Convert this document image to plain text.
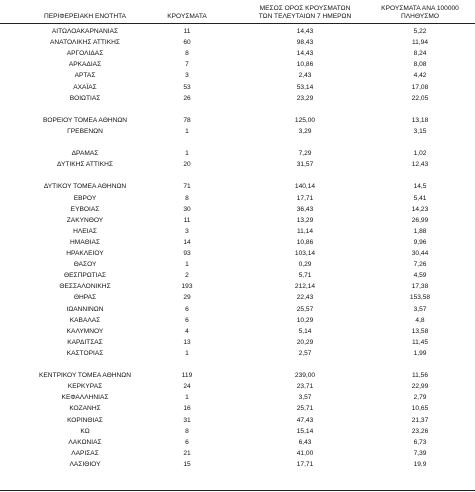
ΠΕΡΙΦΕΡΕΙΑΚΗ ΕΝΟΤΗΤΑ	ΚΡΟΥΣΜΑΤΑ
ΜΕΣΟΣ ΟΡΟΣ ΚΡΟΥΣΜΑΤΩΝ
ΤΩΝ ΤΕΛΕΥΤΑΙΩΝ 7 ΗΜΕΡΩΝ
ΚΡΟΥΣΜΑΤΑ ΑΝΑ 100000
ΠΛΗΘΥΣΜΟ
ΑΙΤΩΛΟΑΚΑΡΝΑΝΙΑΣ	11	14,43	5,22
ΑΝΑΤΟΛΙΚΗΣ ΑΤΤΙΚΗΣ	60	98,43	11,94
ΑΡΓΟΛΙΔΑΣ	8	14,43	8,24
ΑΡΚΑΔΙΑΣ	7	10,86	8,08
ΑΡΤΑΣ	3	2,43	4,42
ΑΧΑΪΑΣ	53	53,14	17,08
ΒΟΙΩΤΙΑΣ	26	23,29	22,05
ΒΟΡΕΙΟΥ ΤΟΜΕΑ ΑΘΗΝΩΝ	78	125,00	13,18
ΓΡΕΒΕΝΩΝ	1	3,29	3,15
ΔΡΑΜΑΣ	1	7,29	1,02
ΔΥΤΙΚΗΣ ΑΤΤΙΚΗΣ	20	31,57	12,43
ΔΥΤΙΚΟΥ ΤΟΜΕΑ ΑΘΗΝΩΝ	71	140,14	14,5
ΕΒΡΟΥ	8	17,71	5,41
ΕΥΒΟΙΑΣ	30	36,43	14,23
ΖΑΚΥΝΘΟΥ	11	13,29	26,99
ΗΛΕΙΑΣ	3	11,14	1,88
ΗΜΑΘΙΑΣ	14	10,86	9,96
ΗΡΑΚΛΕΙΟΥ	93	103,14	30,44
ΘΑΣΟΥ	1	0,29	7,26
ΘΕΣΠΡΩΤΙΑΣ	2	5,71	4,59
ΘΕΣΣΑΛΟΝΙΚΗΣ	193	212,14	17,38
ΘΗΡΑΣ	29	22,43	153,58
ΙΩΑΝΝΙΝΩΝ	6	25,57	3,57
ΚΑΒΑΛΑΣ	6	10,29	4,8
ΚΑΛΥΜΝΟΥ	4	5,14	13,58
ΚΑΡΔΙΤΣΑΣ	13	20,29	11,45
ΚΑΣΤΟΡΙΑΣ	1	2,57	1,99
ΚΕΝΤΡΙΚΟΥ ΤΟΜΕΑ ΑΘΗΝΩΝ	119	239,00	11,56
ΚΕΡΚΥΡΑΣ	24	23,71	22,99
ΚΕΦΑΛΛΗΝΙΑΣ	1	3,57	2,79
ΚΟΖΑΝΗΣ	16	25,71	10,65
ΚΟΡΙΝΘΙΑΣ	31	47,43	21,37
ΚΩ	8	15,14	23,26
ΛΑΚΩΝΙΑΣ	6	6,43	6,73
ΛΑΡΙΣΑΣ	21	41,00	7,39
ΛΑΣΙΘΙΟΥ	15	17,71	19,9
